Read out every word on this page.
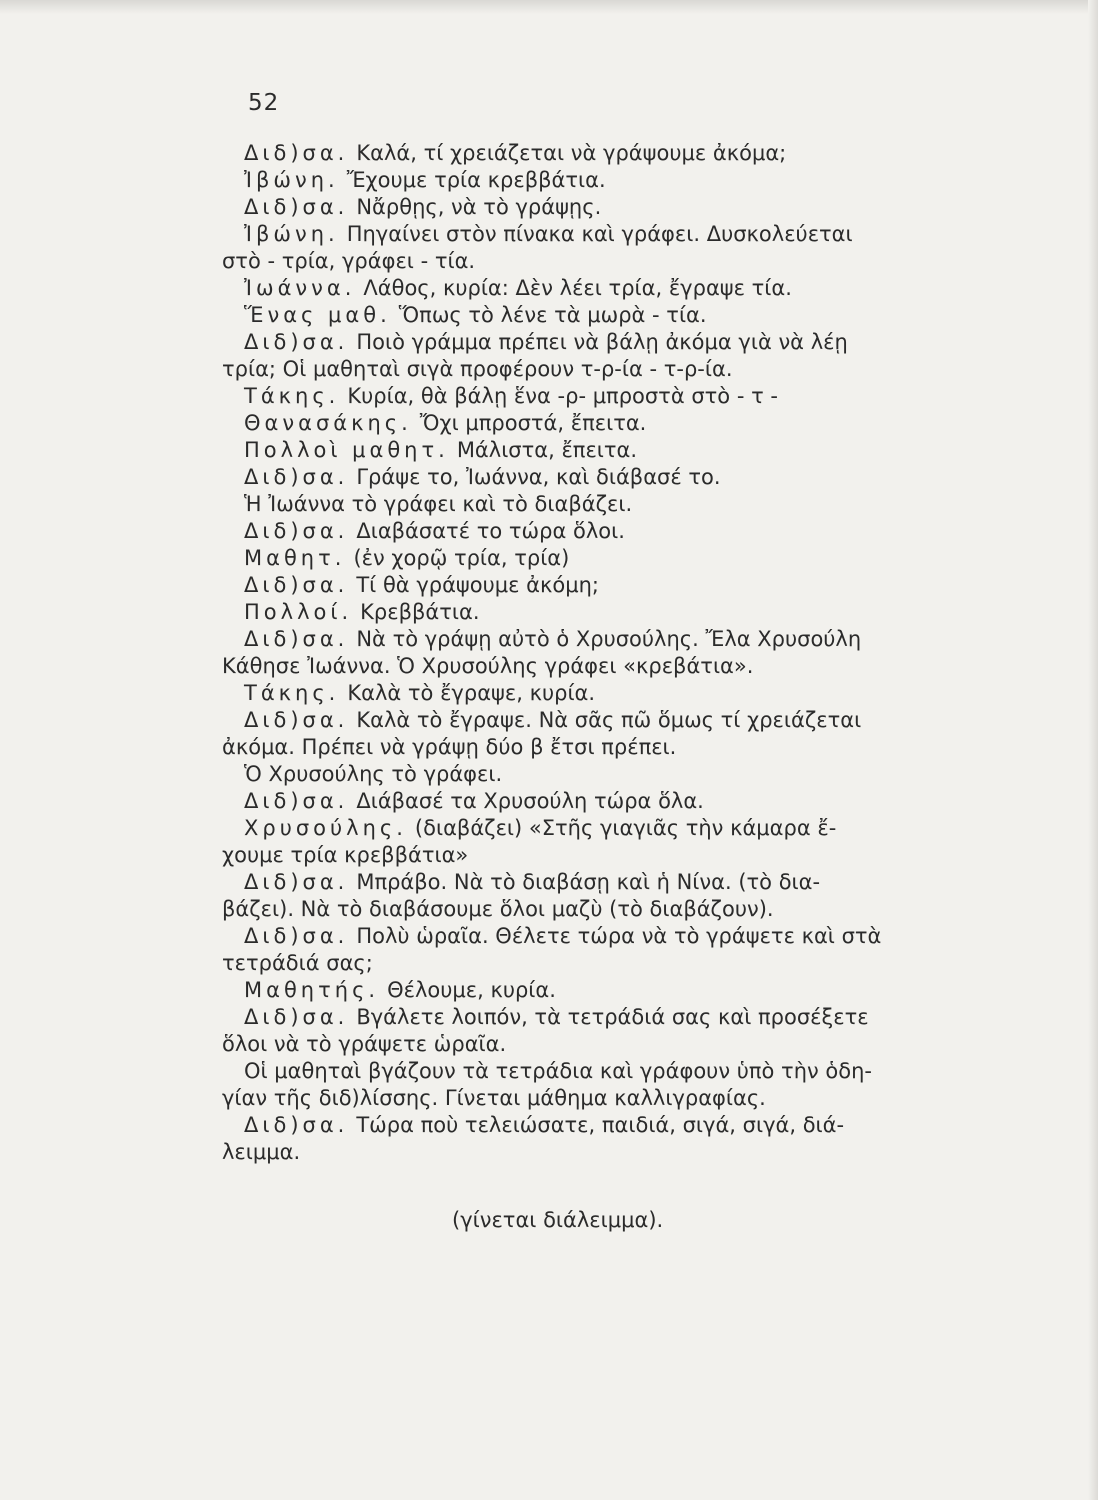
52
Διδ)σα. Καλά, τί χρειάζεται νὰ γράψουμε ἀκόμα;
Ἰβώνη. Ἔχουμε τρία κρεββάτια.
Διδ)σα. Νἄρθῃς, νὰ τὸ γράψῃς.
Ἰβώνη. Πηγαίνει στὸν πίνακα καὶ γράφει. Δυσκολεύεται
στὸ - τρία, γράφει - τία.
Ἰωάννα. Λάθος, κυρία: Δὲν λέει τρία, ἔγραψε τία.
Ἕνας μαθ. Ὅπως τὸ λένε τὰ μωρὰ - τία.
Διδ)σα. Ποιὸ γράμμα πρέπει νὰ βάλῃ ἀκόμα γιὰ νὰ λέῃ
τρία; Οἱ μαθηταὶ σιγὰ προφέρουν τ-ρ-ία - τ-ρ-ία.
Τάκης. Κυρία, θὰ βάλῃ ἕνα -ρ- μπροστὰ στὸ - τ -
Θανασάκης. Ὄχι μπροστά, ἔπειτα.
Πολλοὶ μαθητ. Μάλιστα, ἔπειτα.
Διδ)σα. Γράψε το, Ἰωάννα, καὶ διάβασέ το.
Ἡ Ἰωάννα τὸ γράφει καὶ τὸ διαβάζει.
Διδ)σα. Διαβάσατέ το τώρα ὅλοι.
Μαθητ. (ἐν χορῷ τρία, τρία)
Διδ)σα. Τί θὰ γράψουμε ἀκόμη;
Πολλοί. Κρεββάτια.
Διδ)σα. Νὰ τὸ γράψῃ αὐτὸ ὁ Χρυσούλης. Ἔλα Χρυσούλη
Κάθησε Ἰωάννα. Ὁ Χρυσούλης γράφει «κρεβάτια».
Τάκης. Καλὰ τὸ ἔγραψε, κυρία.
Διδ)σα. Καλὰ τὸ ἔγραψε. Νὰ σᾶς πῶ ὅμως τί χρειάζεται
ἀκόμα. Πρέπει νὰ γράψῃ δύο β ἔτσι πρέπει.
Ὁ Χρυσούλης τὸ γράφει.
Διδ)σα. Διάβασέ τα Χρυσούλη τώρα ὅλα.
Χρυσούλης. (διαβάζει) «Στῆς γιαγιᾶς τὴν κάμαρα ἔ-
χουμε τρία κρεββάτια»
Διδ)σα. Μπράβο. Νὰ τὸ διαβάσῃ καὶ ἡ Νίνα. (τὸ δια-
βάζει). Νὰ τὸ διαβάσουμε ὅλοι μαζὺ (τὸ διαβάζουν).
Διδ)σα. Πολὺ ὡραῖα. Θέλετε τώρα νὰ τὸ γράψετε καὶ στὰ
τετράδιά σας;
Μαθητής. Θέλουμε, κυρία.
Διδ)σα. Βγάλετε λοιπόν, τὰ τετράδιά σας καὶ προσέξετε
ὅλοι νὰ τὸ γράψετε ὡραῖα.
Οἱ μαθηταὶ βγάζουν τὰ τετράδια καὶ γράφουν ὑπὸ τὴν ὁδη-
γίαν τῆς διδ)λίσσης. Γίνεται μάθημα καλλιγραφίας.
Διδ)σα. Τώρα ποὺ τελειώσατε, παιδιά, σιγά, σιγά, διά-
λειμμα.
(γίνεται διάλειμμα).
